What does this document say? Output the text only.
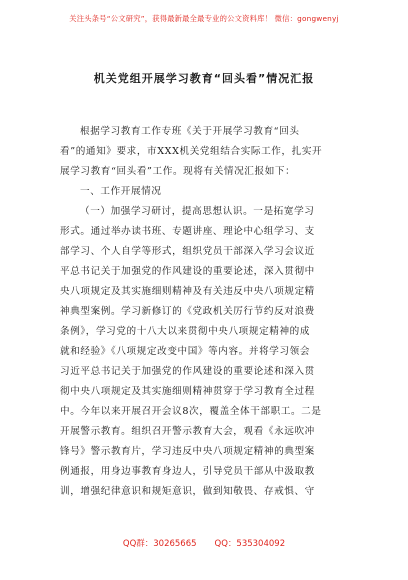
关注头条号“公文研究”，获得最新最全最专业的公文资料库！ 微信：gongwenyj
机关党组开展学习教育“回头看”情况汇报
根据学习教育工作专班《关于开展学习教育“回头
看”的通知》要求，市XXX机关党组结合实际工作，扎实开
展学习教育“回头看”工作。现将有关情况汇报如下：
一、工作开展情况
（一）加强学习研讨，提高思想认识。一是拓宽学习
形式。通过举办读书班、专题讲座、理论中心组学习、支
部学习、个人自学等形式，组织党员干部深入学习会议近
平总书记关于加强党的作风建设的重要论述，深入贯彻中
央八项规定及其实施细则精神及有关违反中央八项规定精
神典型案例。学习新修订的《党政机关厉行节约反对浪费
条例》，学习党的十八大以来贯彻中央八项规定精神的成
就和经验》《八项规定改变中国》等内容。并将学习领会
习近平总书记关于加强党的作风建设的重要论述和深入贯
彻中央八项规定及其实施细则精神贯穿于学习教育全过程
中。今年以来开展召开会议8次，覆盖全体干部职工。二是
开展警示教育。组织召开警示教育大会，观看《永远吹冲
锋号》警示教育片，学习违反中央八项规定精神的典型案
例通报，用身边事教育身边人，引导党员干部从中汲取教
训，增强纪律意识和规矩意识，做到知敬畏、存戒惧、守
QQ群：30265665 QQ：535304092
